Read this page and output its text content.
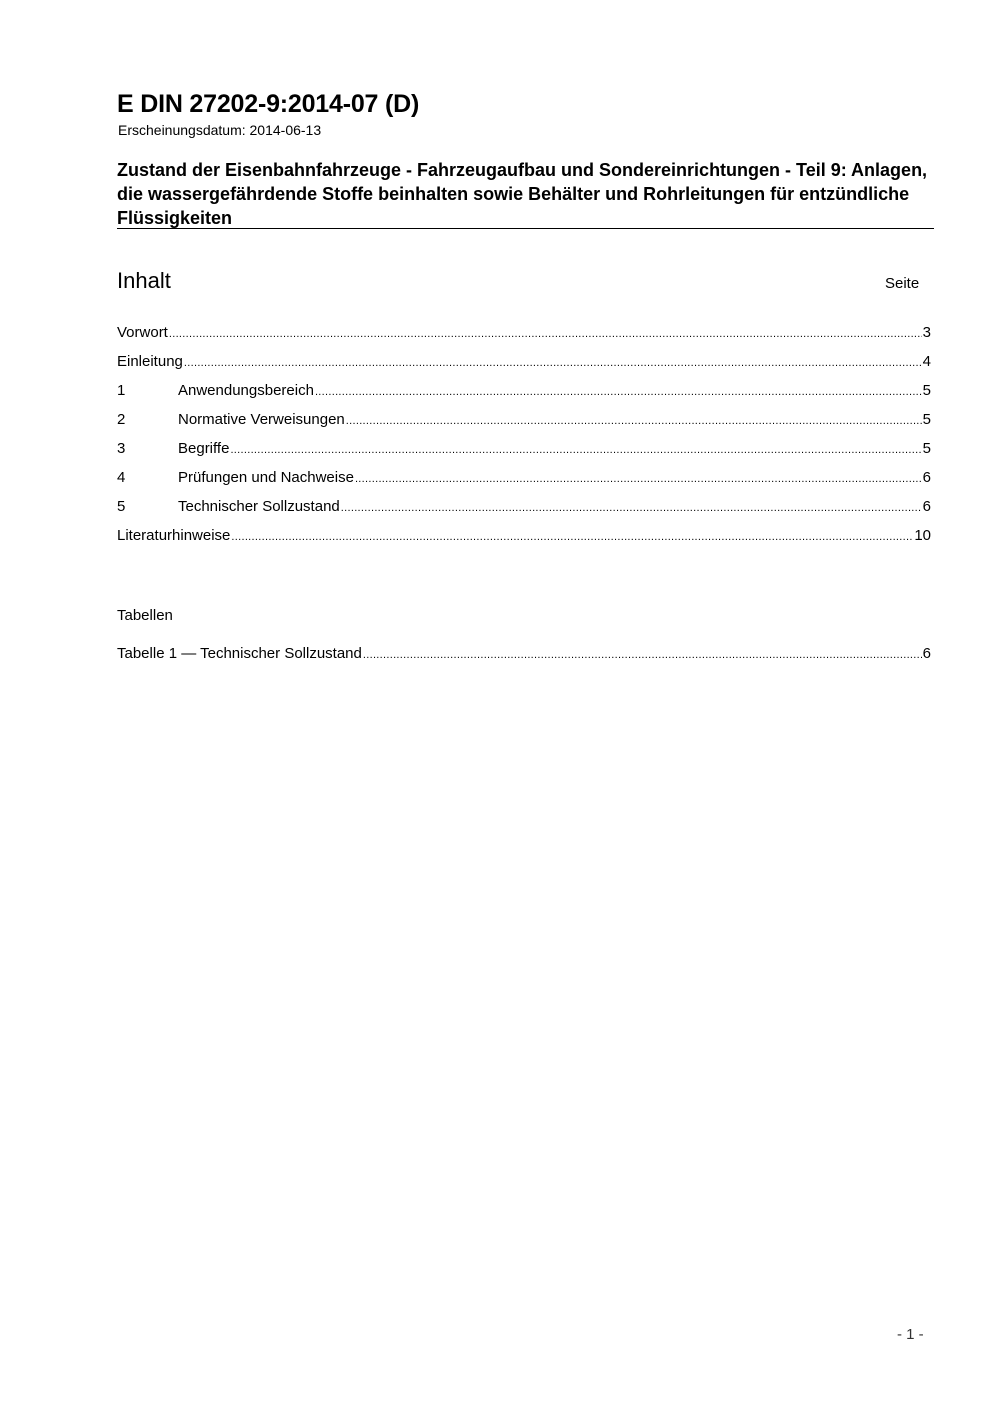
E DIN 27202-9:2014-07 (D)
Erscheinungsdatum: 2014-06-13
Zustand der Eisenbahnfahrzeuge - Fahrzeugaufbau und Sondereinrichtungen - Teil 9: Anlagen, die wassergefährdende Stoffe beinhalten sowie Behälter und Rohrleitungen für entzündliche Flüssigkeiten
Inhalt	Seite
Vorwort .....	3
Einleitung .....	4
1	Anwendungsbereich .....	5
2	Normative Verweisungen .....	5
3	Begriffe .....	5
4	Prüfungen und Nachweise .....	6
5	Technischer Sollzustand .....	6
Literaturhinweise .....	10
Tabellen
Tabelle 1 — Technischer Sollzustand .....	6
- 1 -
